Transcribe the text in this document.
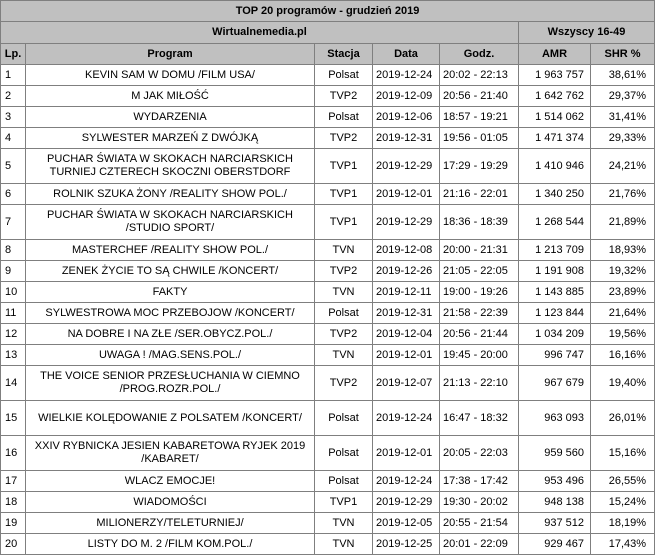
TOP 20 programów - grudzień 2019						
Wirtualnemedia.pl					Wszyscy 16-49	
Lp.	Program	Stacja	Data	Godz.	AMR	SHR %
1	KEVIN SAM W DOMU /FILM USA/	Polsat	2019-12-24	20:02 - 22:13	1 963 757	38,61%
2	M JAK MIŁOŚĆ	TVP2	2019-12-09	20:56 - 21:40	1 642 762	29,37%
3	WYDARZENIA	Polsat	2019-12-06	18:57 - 19:21	1 514 062	31,41%
4	SYLWESTER MARZEŃ Z DWÓJKĄ	TVP2	2019-12-31	19:56 - 01:05	1 471 374	29,33%
5	PUCHAR ŚWIATA W SKOKACH NARCIARSKICH TURNIEJ CZTERECH SKOCZNI OBERSTDORF	TVP1	2019-12-29	17:29 - 19:29	1 410 946	24,21%
6	ROLNIK SZUKA ŻONY /REALITY SHOW POL./	TVP1	2019-12-01	21:16 - 22:01	1 340 250	21,76%
7	PUCHAR ŚWIATA W SKOKACH NARCIARSKICH /STUDIO SPORT/	TVP1	2019-12-29	18:36 - 18:39	1 268 544	21,89%
8	MASTERCHEF /REALITY SHOW POL./	TVN	2019-12-08	20:00 - 21:31	1 213 709	18,93%
9	ZENEK ŻYCIE TO SĄ CHWILE /KONCERT/	TVP2	2019-12-26	21:05 - 22:05	1 191 908	19,32%
10	FAKTY	TVN	2019-12-11	19:00 - 19:26	1 143 885	23,89%
11	SYLWESTROWA MOC PRZEBOJOW /KONCERT/	Polsat	2019-12-31	21:58 - 22:39	1 123 844	21,64%
12	NA DOBRE I NA ZŁE /SER.OBYCZ.POL./	TVP2	2019-12-04	20:56 - 21:44	1 034 209	19,56%
13	UWAGA ! /MAG.SENS.POL./	TVN	2019-12-01	19:45 - 20:00	996 747	16,16%
14	THE VOICE SENIOR PRZESŁUCHANIA W CIEMNO /PROG.ROZR.POL./	TVP2	2019-12-07	21:13 - 22:10	967 679	19,40%
15	WIELKIE KOLĘDOWANIE Z POLSATEM /KONCERT/	Polsat	2019-12-24	16:47 - 18:32	963 093	26,01%
16	XXIV RYBNICKA JESIEN KABARETOWA RYJEK 2019 /KABARET/	Polsat	2019-12-01	20:05 - 22:03	959 560	15,16%
17	WLACZ EMOCJE!	Polsat	2019-12-24	17:38 - 17:42	953 496	26,55%
18	WIADOMOŚCI	TVP1	2019-12-29	19:30 - 20:02	948 138	15,24%
19	MILIONERZY/TELETURNIEJ/	TVN	2019-12-05	20:55 - 21:54	937 512	18,19%
20	LISTY DO M. 2 /FILM KOM.POL./	TVN	2019-12-25	20:01 - 22:09	929 467	17,43%
